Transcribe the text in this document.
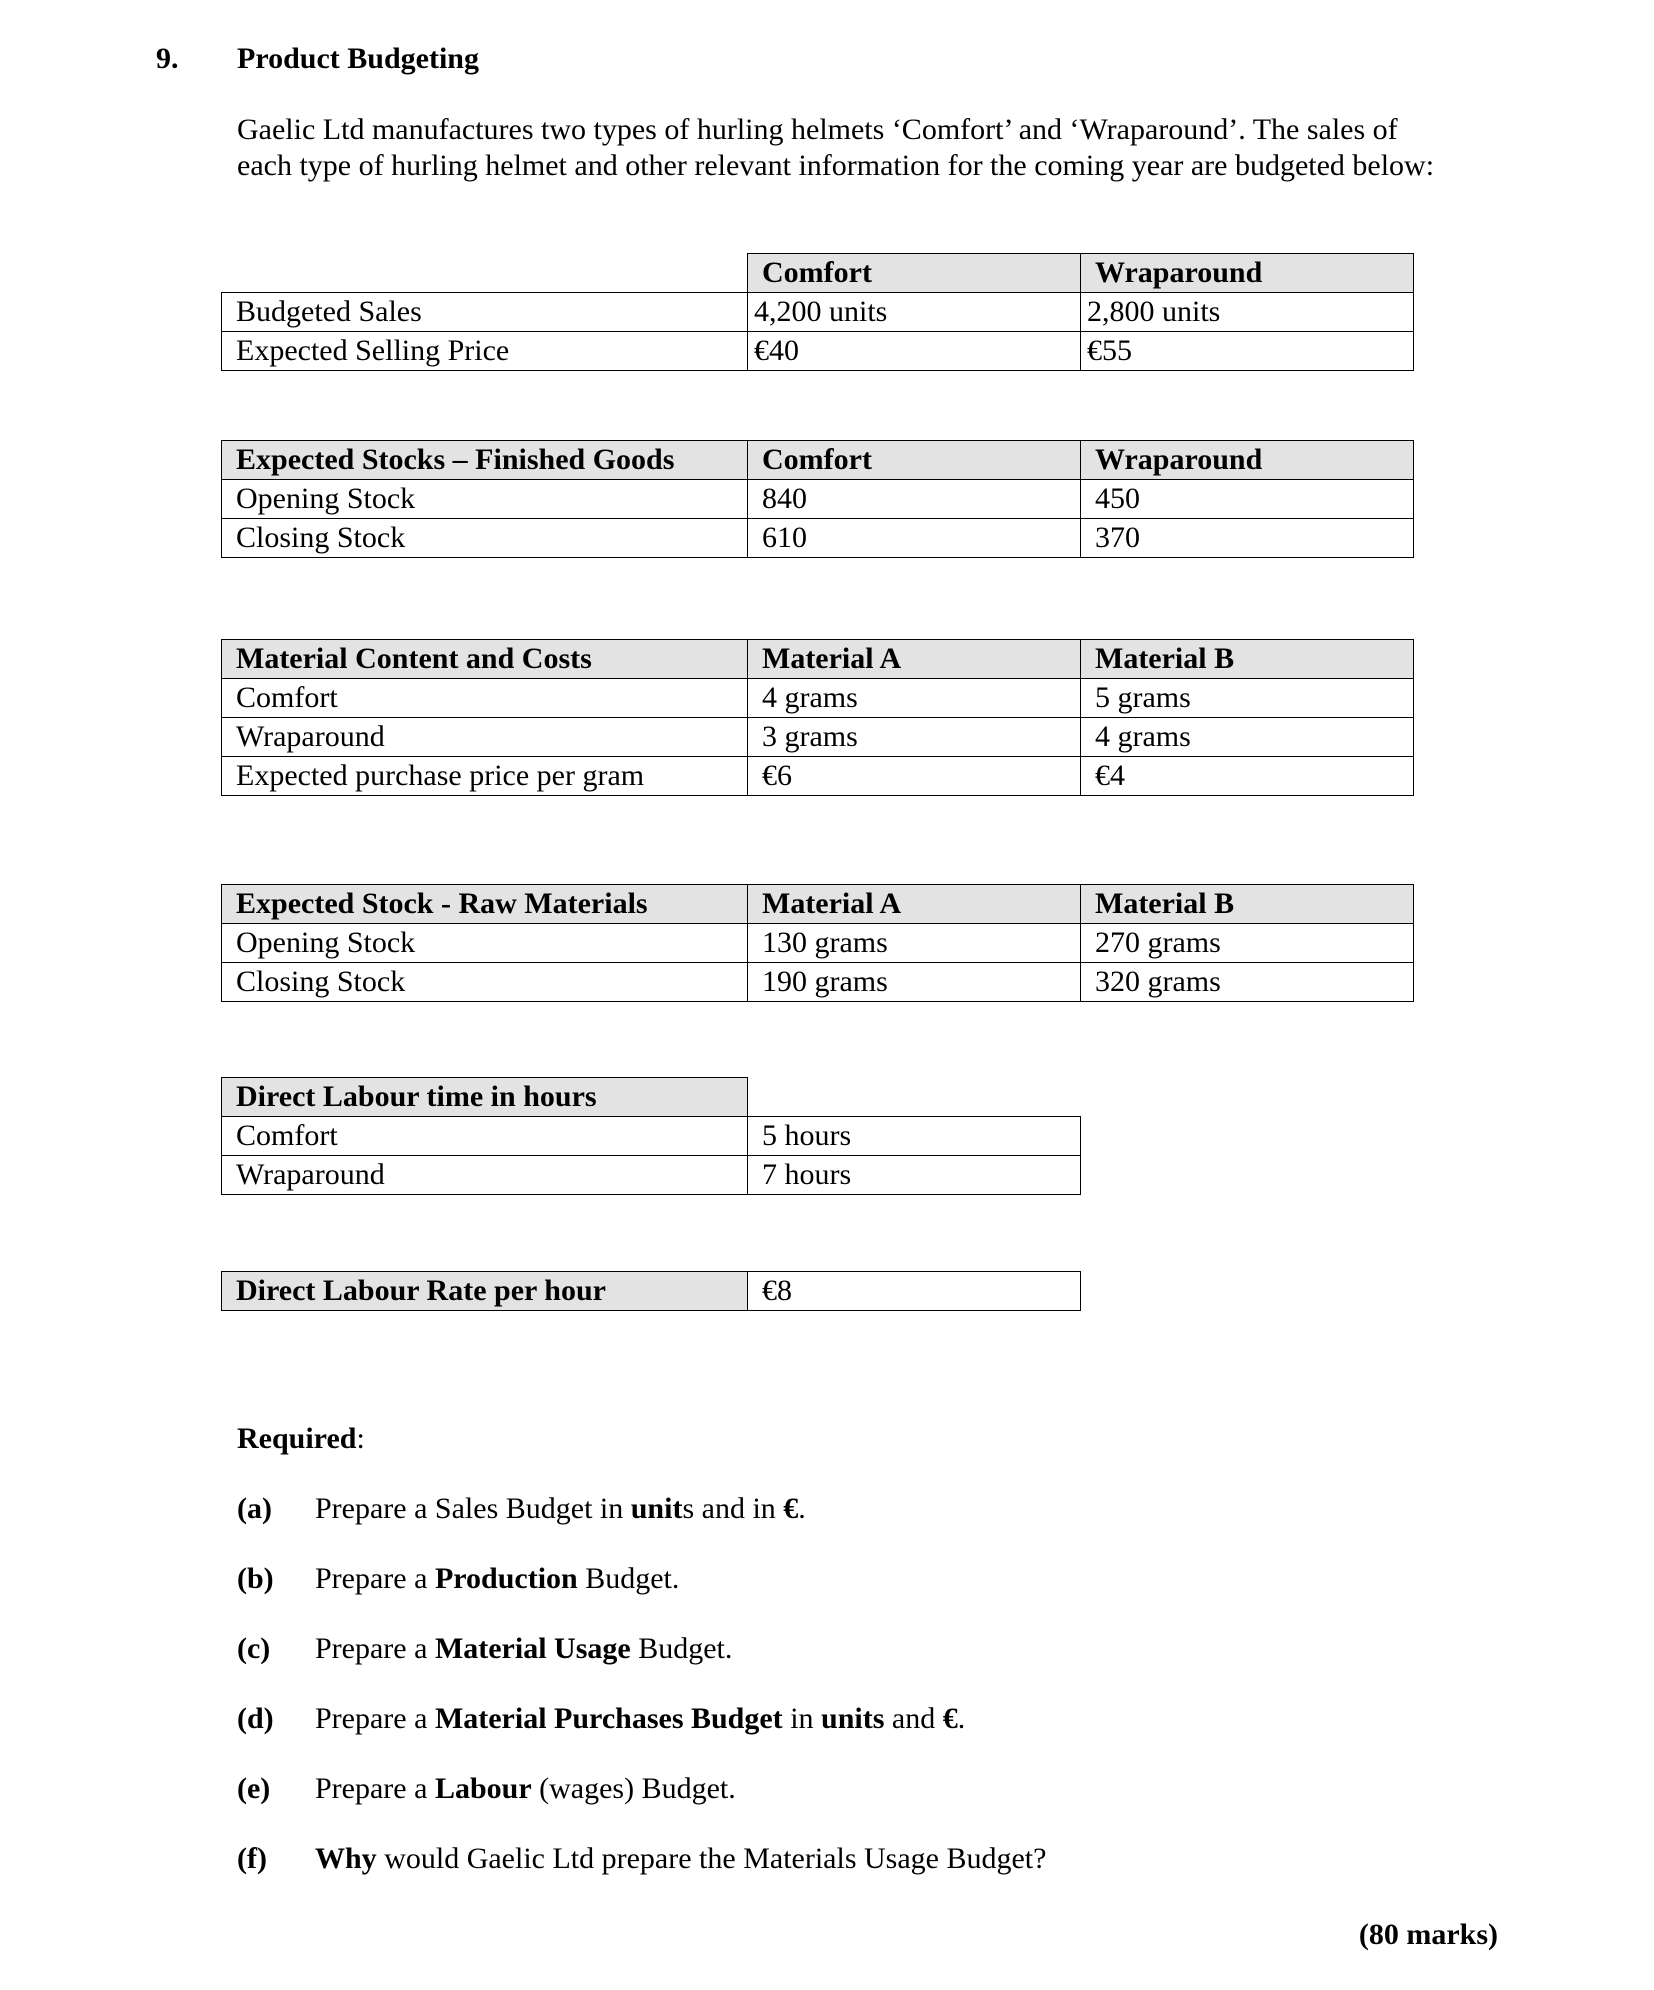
9. Product Budgeting

Gaelic Ltd manufactures two types of hurling helmets ‘Comfort’ and ‘Wraparound’. The sales of

each type of hurling helmet and other relevant information for the coming year are budgeted below:

	Comfort	Wraparound
Budgeted Sales	4,200 units	2,800 units
Expected Selling Price	€40	€55
Expected Stocks – Finished Goods	Comfort	Wraparound
Opening Stock	840	450
Closing Stock	610	370
Material Content and Costs	Material A	Material B
Comfort	4 grams	5 grams
Wraparound	3 grams	4 grams
Expected purchase price per gram	€6	€4
Expected Stock - Raw Materials	Material A	Material B
Opening Stock	130 grams	270 grams
Closing Stock	190 grams	320 grams
Direct Labour time in hours	
Comfort	5 hours
Wraparound	7 hours
Direct Labour Rate per hour	€8
Required:
(a) Prepare a Sales Budget in units and in €.
(b) Prepare a Production Budget.
(c) Prepare a Material Usage Budget.
(d) Prepare a Material Purchases Budget in units and €.
(e) Prepare a Labour (wages) Budget.
(f) Why would Gaelic Ltd prepare the Materials Usage Budget?
(80 marks)
